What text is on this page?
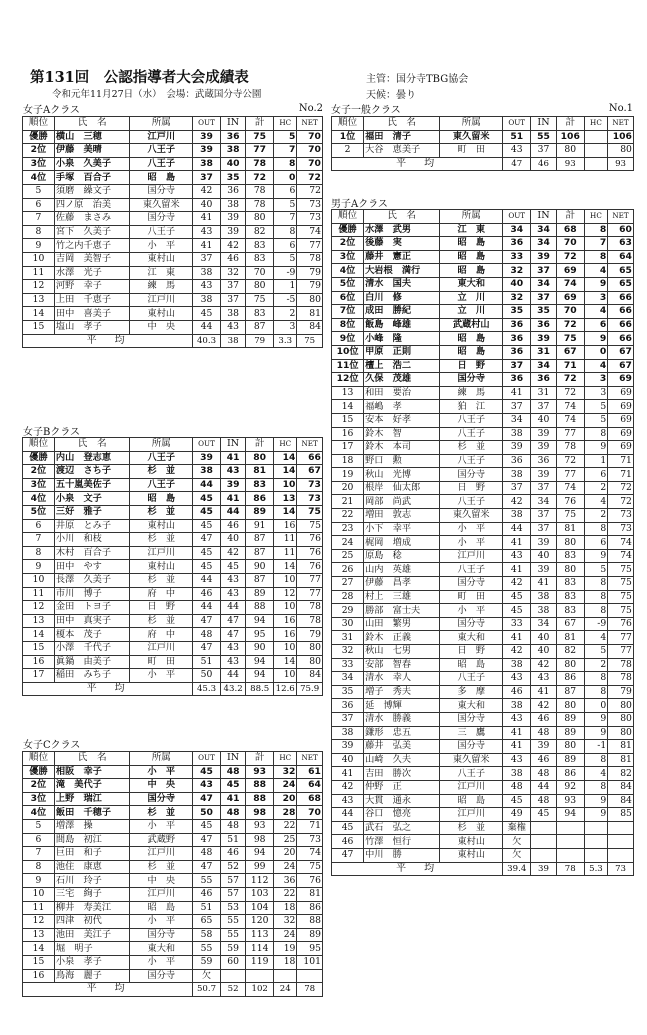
第131回　公認指導者大会成績表
令和元年11月27日（水）　会場：武蔵国分寺公園
主管：国分寺TBG協会
天候：曇り
女子Aクラス	No.2
順位	氏　名	所属	OUT	IN	計	HC	NET
優勝	横山　三穂	江戸川	39	36	75	5	70
2位	伊藤　美晴	八王子	39	38	77	7	70
3位	小泉　久美子	八王子	38	40	78	8	70
4位	手塚　百合子	昭　島	37	35	72	0	72
5	須磨　繰文子	国分寺	42	36	78	6	72
6	四ノ原　治美	東久留米	40	38	78	5	73
7	佐藤　まさみ	国分寺	41	39	80	7	73
8	宮下　久美子	八王子	43	39	82	8	74
9	竹之内千恵子	小　平	41	42	83	6	77
10	吉岡　美智子	東村山	37	46	83	5	78
11	水澤　光子	江　東	38	32	70	-9	79
12	河野　幸子	練　馬	43	37	80	1	79
13	上田　千恵子	江戸川	38	37	75	-5	80
14	田中　喜美子	東村山	45	38	83	2	81
15	塩山　孝子	中　央	44	43	87	3	84
平　均			40.3	38	79	3.3	75
女子Bクラス
順位	氏　名	所属	OUT	IN	計	HC	NET
優勝	内山　登志恵	八王子	39	41	80	14	66
2位	渡辺　さち子	杉　並	38	43	81	14	67
3位	五十嵐美佐子	八王子	44	39	83	10	73
4位	小泉　文子	昭　島	45	41	86	13	73
5位	三好　雅子	杉　並	45	44	89	14	75
6	井原　とみ子	東村山	45	46	91	16	75
7	小川　和枝	杉　並	47	40	87	11	76
8	木村　百合子	江戸川	45	42	87	11	76
9	田中　やす	東村山	45	45	90	14	76
10	長澤　久美子	杉　並	44	43	87	10	77
11	市川　博子	府　中	46	43	89	12	77
12	金田　トヨ子	日　野	44	44	88	10	78
13	田中　真実子	杉　並	47	47	94	16	78
14	榎本　茂子	府　中	48	47	95	16	79
15	小澤　千代子	江戸川	47	43	90	10	80
16	眞鍋　由美子	町　田	51	43	94	14	80
17	稲田　みち子	小　平	50	44	94	10	84
平　均			45.3	43.2	88.5	12.6	75.9
女子Cクラス
順位	氏　名	所属	OUT	IN	計	HC	NET
優勝	相阪　幸子	小　平	45	48	93	32	61
2位	滝　美代子	中　央	43	45	88	24	64
3位	上野　瑞江	国分寺	47	41	88	20	68
4位	飯田　千穂子	杉　並	50	48	98	28	70
5	増澤　操	小　平	45	48	93	22	71
6	間島　初江	武蔵野	47	51	98	25	73
7	巨田　和子	江戸川	48	46	94	20	74
8	池住　康恵	杉　並	47	52	99	24	75
9	石川　玲子	中　央	55	57	112	36	76
10	三宅　絢子	江戸川	46	57	103	22	81
11	柳井　寿美江	昭　島	51	53	104	18	86
12	四津　初代	小　平	65	55	120	32	88
13	池田　美江子	国分寺	58	55	113	24	89
14	堀　明子	東大和	55	59	114	19	95
15	小泉　孝子	小　平	59	60	119	18	101
16	鳥海　麗子	国分寺	欠				
平　均			50.7	52	102	24	78
女子一般クラス	No.1
順位	氏　名	所属	OUT	IN	計	HC	NET
1位	福田　清子	東久留米	51	55	106		106
2	大谷　恵美子	町　田	43	37	80		80
平　均			47	46	93		93
男子Aクラス
順位	氏　名	所属	OUT	IN	計	HC	NET
優勝	水澤　武男	江　東	34	34	68	8	60
2位	後藤　実	昭　島	36	34	70	7	63
3位	藤井　憲正	昭　島	33	39	72	8	64
4位	大岩根　満行	昭　島	32	37	69	4	65
5位	清水　国夫	東大和	40	34	74	9	65
6位	白川　修	立　川	32	37	69	3	66
7位	成田　勝紀	立　川	35	35	70	4	66
8位	飯島　峰雄	武蔵村山	36	36	72	6	66
9位	小峰　隆	昭　島	36	39	75	9	66
10位	甲原　正則	昭　島	36	31	67	0	67
11位	檀上　浩二	日　野	37	34	71	4	67
12位	久保　茂雄	国分寺	36	36	72	3	69
13	和田　要治	練　馬	41	31	72	3	69
14	福嶋　孝	狛　江	37	37	74	5	69
15	安本　好孝	八王子	34	40	74	5	69
16	鈴木　智	八王子	38	39	77	8	69
17	鈴木　本司	杉　並	39	39	78	9	69
18	野口　勲	八王子	36	36	72	1	71
19	秋山　光博	国分寺	38	39	77	6	71
20	根岸　仙太郎	日　野	37	37	74	2	72
21	岡部　尚武	八王子	42	34	76	4	72
22	増田　敦志	東久留米	38	37	75	2	73
23	小下　幸平	小　平	44	37	81	8	73
24	梶岡　増成	小　平	41	39	80	6	74
25	原島　稔	江戸川	43	40	83	9	74
26	山内　英雄	八王子	41	39	80	5	75
27	伊藤　昌孝	国分寺	42	41	83	8	75
28	村上　三雄	町　田	45	38	83	8	75
29	勝部　富士夫	小　平	45	38	83	8	75
30	山田　繁男	国分寺	33	34	67	-9	76
31	鈴木　正義	東大和	41	40	81	4	77
32	秋山　七男	日　野	42	40	82	5	77
33	安部　智春	昭　島	38	42	80	2	78
34	清水　幸人	八王子	43	43	86	8	78
35	増子　秀夫	多　摩	46	41	87	8	79
36	延　博輝	東大和	38	42	80	0	80
37	清水　勝義	国分寺	43	46	89	9	80
38	鎌形　忠五	三　鷹	41	48	89	9	80
39	藤井　弘美	国分寺	41	39	80	-1	81
40	山崎　久夫	東久留米	43	46	89	8	81
41	吉田　勝次	八王子	38	48	86	4	82
42	仲野　正	江戸川	48	44	92	8	84
43	大貫　通永	昭　島	45	48	93	9	84
44	谷口　憶亮	江戸川	49	45	94	9	85
45	武石　弘之	杉　並	棄権				
46	竹澤　恒行	東村山	欠				
47	中川　勝	東村山	欠				
平　均			39.4	39	78	5.3	73
